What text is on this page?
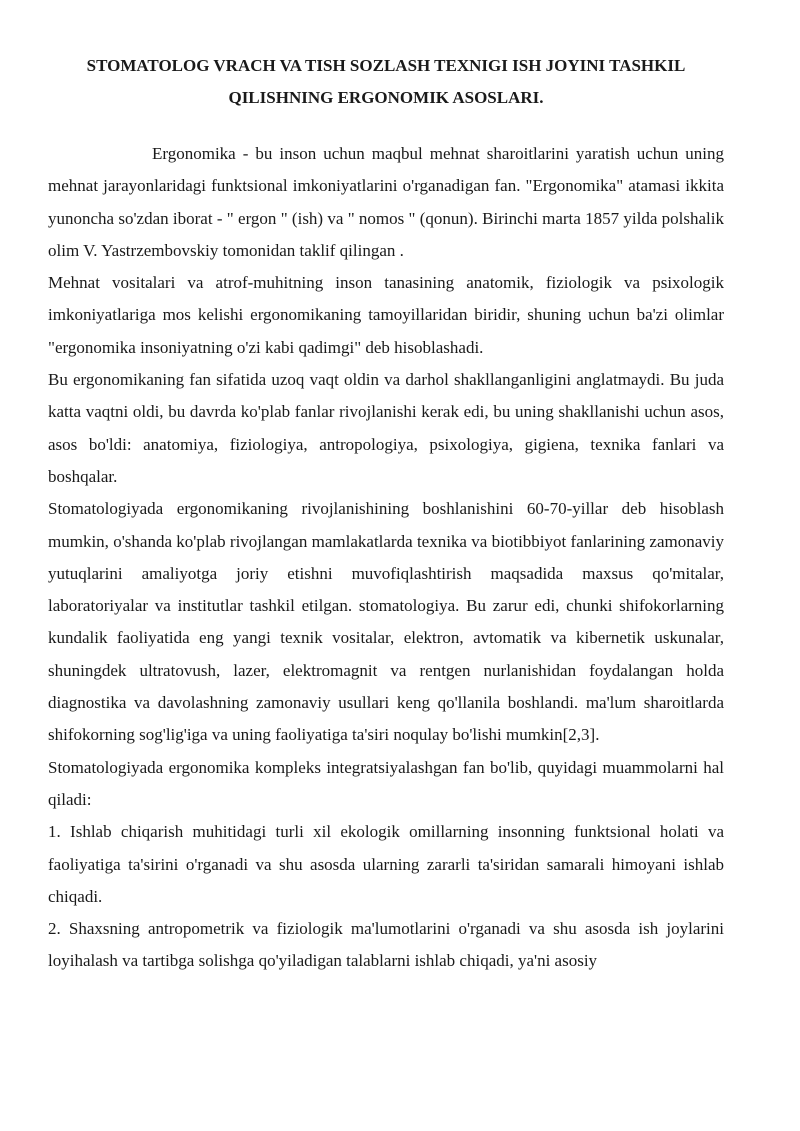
STOMATOLOG VRACH VA TISH SOZLASH TEXNIGI ISH JOYINI TASHKIL QILISHNING ERGONOMIK ASOSLARI.

Ergonomika - bu inson uchun maqbul mehnat sharoitlarini yaratish uchun uning mehnat jarayonlaridagi funktsional imkoniyatlarini o'rganadigan fan. "Ergonomika" atamasi ikkita yunoncha so'zdan iborat - " ergon " (ish) va " nomos " (qonun). Birinchi marta 1857 yilda polshalik olim V. Yastrzembovskiy tomonidan taklif qilingan .

Mehnat vositalari va atrof-muhitning inson tanasining anatomik, fiziologik va psixologik imkoniyatlariga mos kelishi ergonomikaning tamoyillaridan biridir, shuning uchun ba'zi olimlar "ergonomika insoniyatning o'zi kabi qadimgi" deb hisoblashadi.

Bu ergonomikaning fan sifatida uzoq vaqt oldin va darhol shakllanganligini anglatmaydi. Bu juda katta vaqtni oldi, bu davrda ko'plab fanlar rivojlanishi kerak edi, bu uning shakllanishi uchun asos, asos bo'ldi: anatomiya, fiziologiya, antropologiya, psixologiya, gigiena, texnika fanlari va boshqalar.

Stomatologiyada ergonomikaning rivojlanishining boshlanishini 60-70-yillar deb hisoblash mumkin, o'shanda ko'plab rivojlangan mamlakatlarda texnika va biotibbiyot fanlarining zamonaviy yutuqlarini amaliyotga joriy etishni muvofiqlashtirish maqsadida maxsus qo'mitalar, laboratoriyalar va institutlar tashkil etilgan. stomatologiya. Bu zarur edi, chunki shifokorlarning kundalik faoliyatida eng yangi texnik vositalar, elektron, avtomatik va kibernetik uskunalar, shuningdek ultratovush, lazer, elektromagnit va rentgen nurlanishidan foydalangan holda diagnostika va davolashning zamonaviy usullari keng qo'llanila boshlandi. ma'lum sharoitlarda shifokorning sog'lig'iga va uning faoliyatiga ta'siri noqulay bo'lishi mumkin[2,3].

Stomatologiyada ergonomika kompleks integratsiyalashgan fan bo'lib, quyidagi muammolarni hal qiladi:

1. Ishlab chiqarish muhitidagi turli xil ekologik omillarning insonning funktsional holati va faoliyatiga ta'sirini o'rganadi va shu asosda ularning zararli ta'siridan samarali himoyani ishlab chiqadi.

2. Shaxsning antropometrik va fiziologik ma'lumotlarini o'rganadi va shu asosda ish joylarini loyihalash va tartibga solishga qo'yiladigan talablarni ishlab chiqadi, ya'ni asosiy
